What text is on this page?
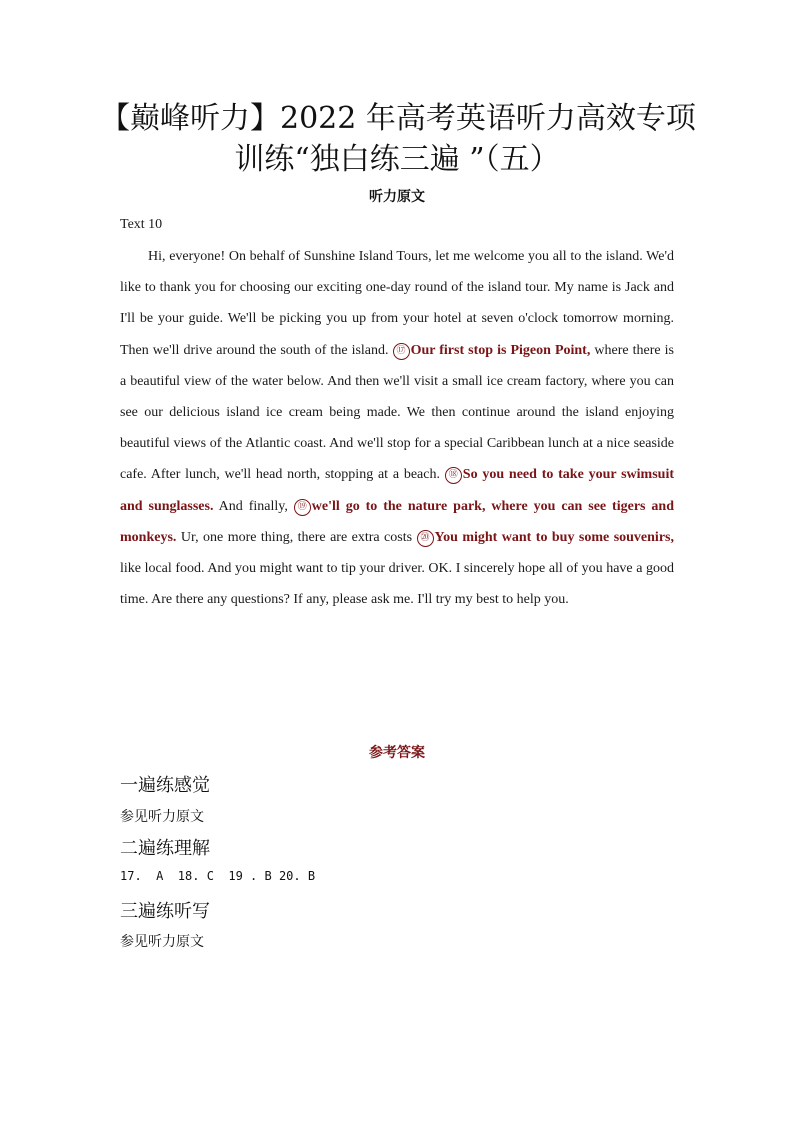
【巅峰听力】2022 年高考英语听力高效专项
训练“独白练三遍 ”（五）
听力原文
Text 10
Hi, everyone! On behalf of Sunshine Island Tours, let me welcome you all to the island. We'd like to thank you for choosing our exciting one-day round of the island tour. My name is Jack and I'll be your guide. We'll be picking you up from your hotel at seven o'clock tomorrow morning. Then we'll drive around the south of the island. ⑰ Our first stop is Pigeon Point, where there is a beautiful view of the water below. And then we'll visit a small ice cream factory, where you can see our delicious island ice cream being made. We then continue around the island enjoying beautiful views of the Atlantic coast. And we'll stop for a special Caribbean lunch at a nice seaside cafe. After lunch, we'll head north, stopping at a beach. ⑱ So you need to take your swimsuit and sunglasses. And finally, ⑲ we'll go to the nature park, where you can see tigers and monkeys. Ur, one more thing, there are extra costs ⑳ You might want to buy some souvenirs, like local food. And you might want to tip your driver. OK. I sincerely hope all of you have a good time. Are there any questions? If any, please ask me. I'll try my best to help you.
参考答案
一遍练感觉
参见听力原文
二遍练理解
17.  A  18. C  19 . B 20. B
三遍练听写
参见听力原文
